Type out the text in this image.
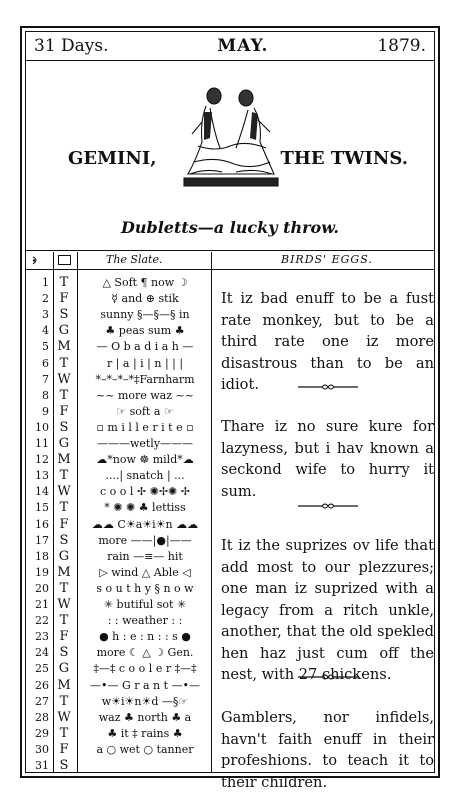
31 Days.	MAY.	1879.
GEMINI,	THE TWINS.
Dubletts—a lucky throw.
The Slate.	BIRDS' EGGS.
1 T	△ Soft ¶ now ☽
2 F	☿ and ⊕ stik
3 S	sunny §—§—§ in
4 G	♣ peas sum ♣
5 M	— O b a d i a h —
6 T	r | a | i | n | | |
7 W	*–*–*–*‡Farnharm
8 T	~~ more waz ~~
9 F	☞ soft a ☞
10 S	▫ m i l l e r i t e ▫
11 G	———wetly———
12 M	☁*now ☸ mild*☁
13 T	....| snatch | ...
14 W	c o o l ✢ ✺✢✺ ✢
15 T	* ✺ ✺ ♣ lettiss
16 F	☁☁ C☀a☀i☀n ☁☁
17 S	more ——|●|——
18 G	rain —≡— hit
19 M	▷ wind △ Able ◁
20 T	s o u t h y § n o w
21 W	✳ butiful sot ✳
22 T	: : weather : :
23 F	● h : e : n : : s ●
24 S	more ☾ △ ☽ Gen.
25 G	‡—‡ c o o l e r ‡—‡
26 M	—•— G r a n t —•—
27 T	w☀i☀n☀d —§☞
28 W	waz ♣ north ♣ a
29 T	♣ it ‡ rains ♣
30 F	a ○ wet ○ tanner
31 S
It iz bad enuff to be a fust rate monkey, but to be a third rate one iz more disastrous than to be an idiot.
Thare iz no sure kure for lazyness, but i hav known a seckond wife to hurry it sum.
It iz the suprizes ov life that add most to our plezzures; one man iz suprized with a legacy from a ritch unkle, another, that the old spekled hen haz just cum off the nest, with 27 chickens.
Gamblers, nor infidels, havn't faith enuff in their profeshions. to teach it to their children.
